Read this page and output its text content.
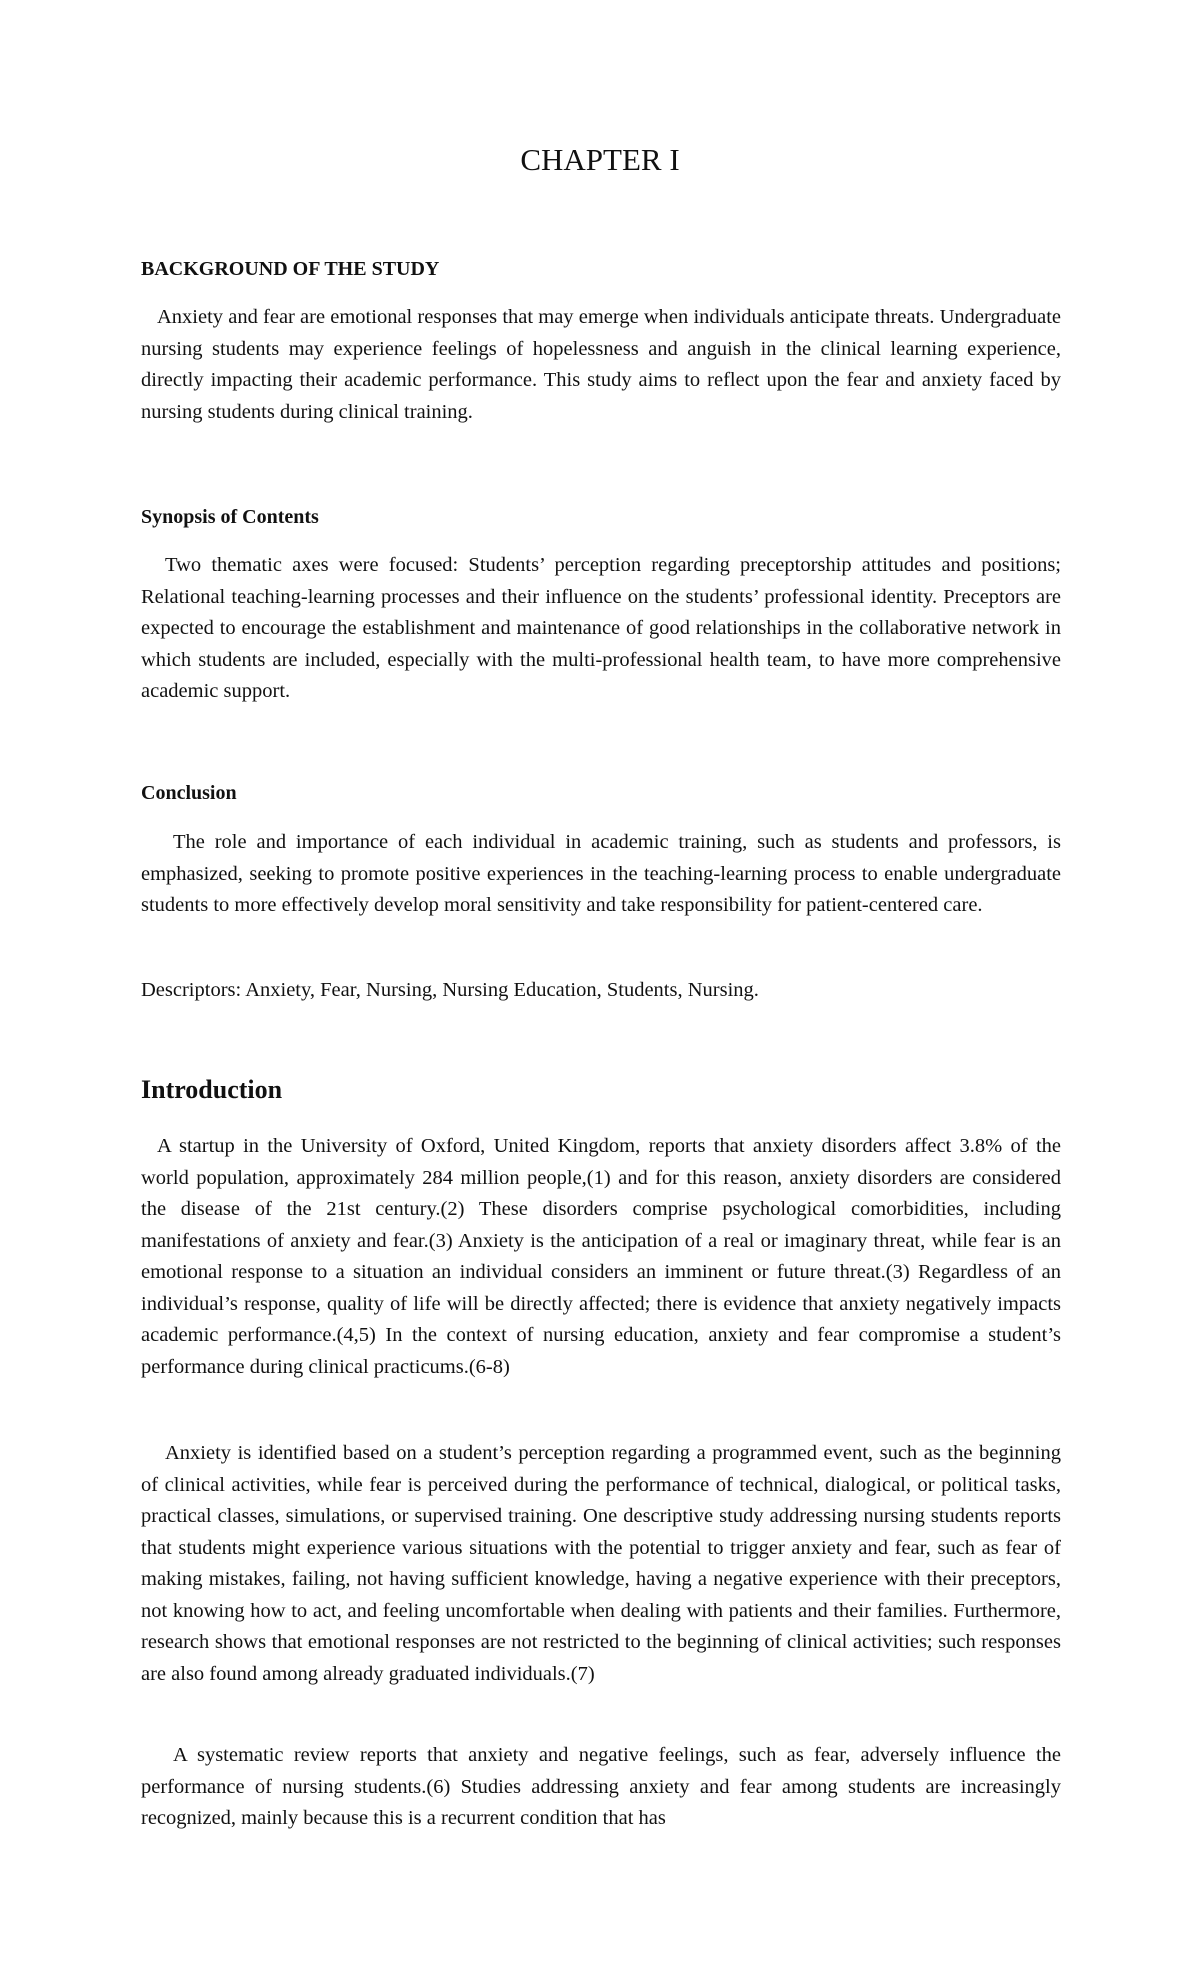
CHAPTER I
BACKGROUND OF THE STUDY

Anxiety and fear are emotional responses that may emerge when individuals anticipate threats. Undergraduate nursing students may experience feelings of hopelessness and anguish in the clinical learning experience, directly impacting their academic performance. This study aims to reflect upon the fear and anxiety faced by nursing students during clinical training.

Synopsis of Contents

Two thematic axes were focused: Students’ perception regarding preceptorship attitudes and positions; Relational teaching-learning processes and their influence on the students’ professional identity. Preceptors are expected to encourage the establishment and maintenance of good relationships in the collaborative network in which students are included, especially with the multi-professional health team, to have more comprehensive academic support.

Conclusion

The role and importance of each individual in academic training, such as students and professors, is emphasized, seeking to promote positive experiences in the teaching-learning process to enable undergraduate students to more effectively develop moral sensitivity and take responsibility for patient-centered care.

Descriptors: Anxiety, Fear, Nursing, Nursing Education, Students, Nursing.

Introduction

A startup in the University of Oxford, United Kingdom, reports that anxiety disorders affect 3.8% of the world population, approximately 284 million people,(1) and for this reason, anxiety disorders are considered the disease of the 21st century.(2) These disorders comprise psychological comorbidities, including manifestations of anxiety and fear.(3) Anxiety is the anticipation of a real or imaginary threat, while fear is an emotional response to a situation an individual considers an imminent or future threat.(3) Regardless of an individual’s response, quality of life will be directly affected; there is evidence that anxiety negatively impacts academic performance.(4,5) In the context of nursing education, anxiety and fear compromise a student’s performance during clinical practicums.(6-8)

Anxiety is identified based on a student’s perception regarding a programmed event, such as the beginning of clinical activities, while fear is perceived during the performance of technical, dialogical, or political tasks, practical classes, simulations, or supervised training. One descriptive study addressing nursing students reports that students might experience various situations with the potential to trigger anxiety and fear, such as fear of making mistakes, failing, not having sufficient knowledge, having a negative experience with their preceptors, not knowing how to act, and feeling uncomfortable when dealing with patients and their families. Furthermore, research shows that emotional responses are not restricted to the beginning of clinical activities; such responses are also found among already graduated individuals.(7)

A systematic review reports that anxiety and negative feelings, such as fear, adversely influence the performance of nursing students.(6) Studies addressing anxiety and fear among students are increasingly recognized, mainly because this is a recurrent condition that has
